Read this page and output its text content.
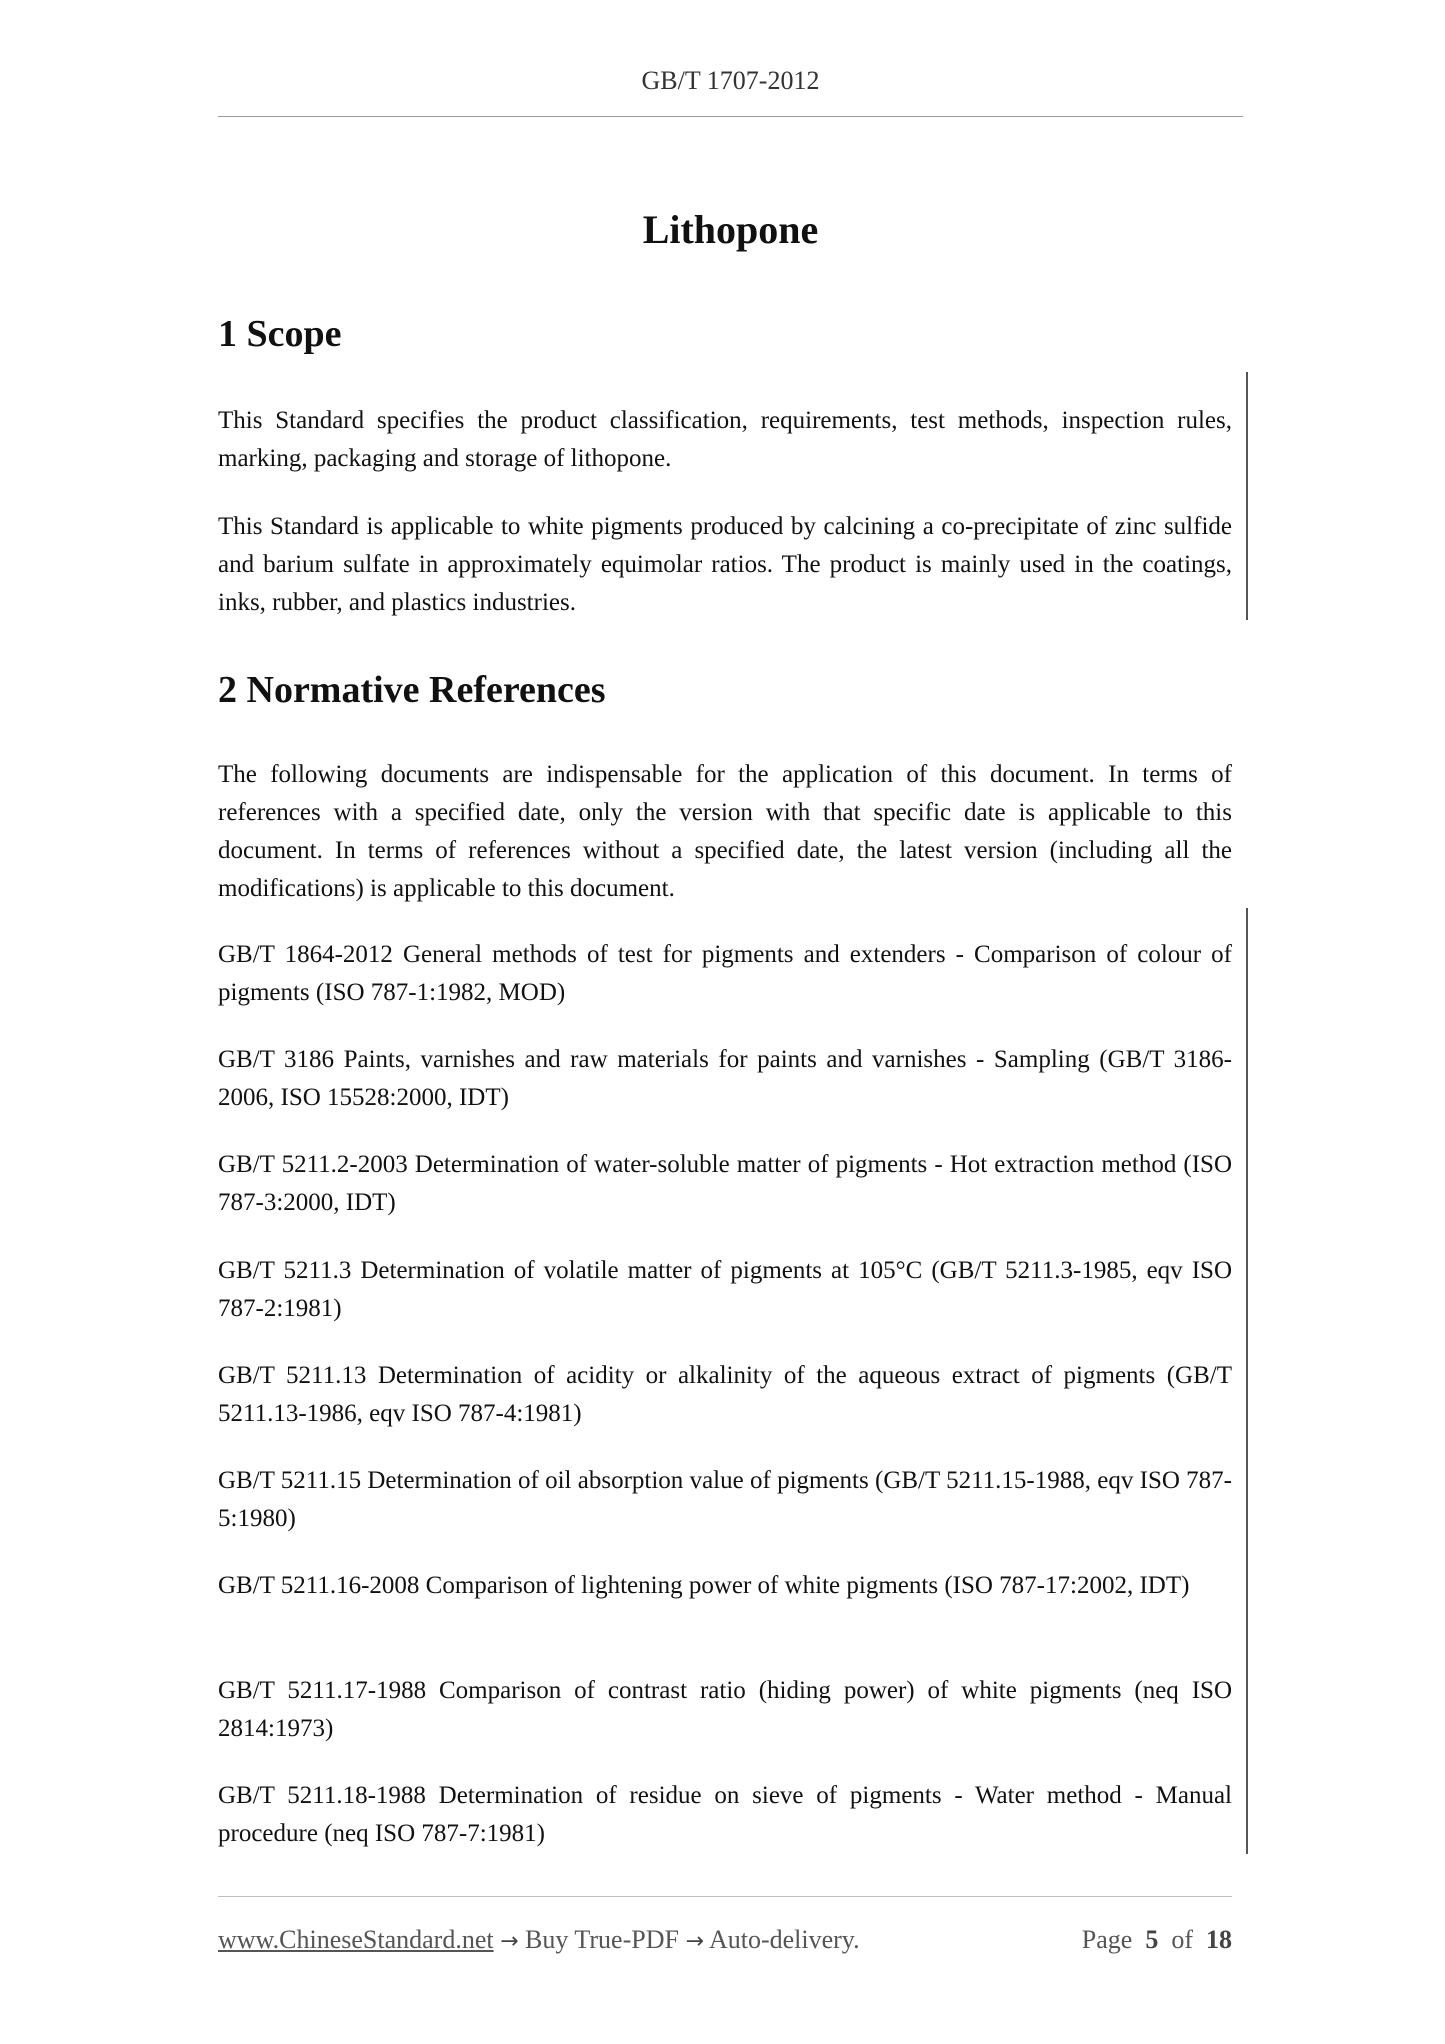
GB/T 1707-2012
Lithopone
1 Scope

This Standard specifies the product classification, requirements, test methods, inspection rules, marking, packaging and storage of lithopone.

This Standard is applicable to white pigments produced by calcining a co-precipitate of zinc sulfide and barium sulfate in approximately equimolar ratios. The product is mainly used in the coatings, inks, rubber, and plastics industries.

2 Normative References

The following documents are indispensable for the application of this document. In terms of references with a specified date, only the version with that specific date is applicable to this document. In terms of references without a specified date, the latest version (including all the modifications) is applicable to this document.

GB/T 1864-2012 General methods of test for pigments and extenders - Comparison of colour of pigments (ISO 787-1:1982, MOD)

GB/T 3186 Paints, varnishes and raw materials for paints and varnishes - Sampling (GB/T 3186-2006, ISO 15528:2000, IDT)

GB/T 5211.2-2003 Determination of water-soluble matter of pigments - Hot extraction method (ISO 787-3:2000, IDT)

GB/T 5211.3 Determination of volatile matter of pigments at 105°C (GB/T 5211.3-1985, eqv ISO 787-2:1981)

GB/T 5211.13 Determination of acidity or alkalinity of the aqueous extract of pigments (GB/T 5211.13-1986, eqv ISO 787-4:1981)

GB/T 5211.15 Determination of oil absorption value of pigments (GB/T 5211.15-1988, eqv ISO 787-5:1980)

GB/T 5211.16-2008 Comparison of lightening power of white pigments (ISO 787-17:2002, IDT)

GB/T 5211.17-1988 Comparison of contrast ratio (hiding power) of white pigments (neq ISO 2814:1973)

GB/T 5211.18-1988 Determination of residue on sieve of pigments - Water method - Manual procedure (neq ISO 787-7:1981)

www.ChineseStandard.net → Buy True-PDF → Auto-delivery.	Page 5 of 18
